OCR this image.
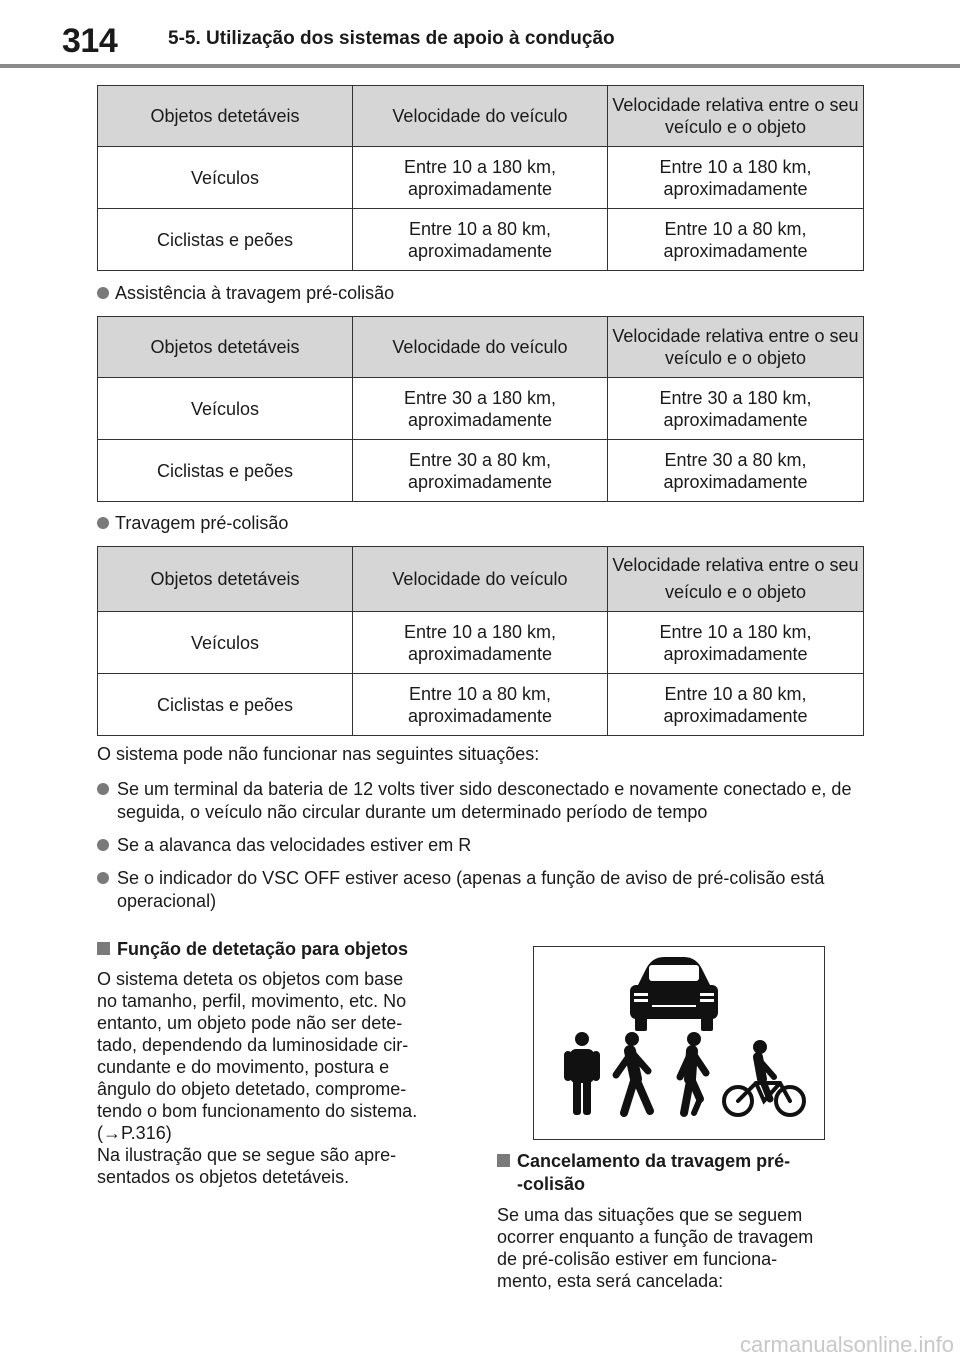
314	5-5. Utilização dos sistemas de apoio à condução
Objetos detetáveis	Velocidade do veículo	Velocidade relativa entre o seu veículo e o objeto
Veículos	Entre 10 a 180 km, aproximadamente	Entre 10 a 180 km, aproximadamente
Ciclistas e peões	Entre 10 a 80 km, aproximadamente	Entre 10 a 80 km, aproximadamente
Assistência à travagem pré-colisão
Objetos detetáveis	Velocidade do veículo	Velocidade relativa entre o seu veículo e o objeto
Veículos	Entre 30 a 180 km, aproximadamente	Entre 30 a 180 km, aproximadamente
Ciclistas e peões	Entre 30 a 80 km, aproximadamente	Entre 30 a 80 km, aproximadamente
Travagem pré-colisão
Objetos detetáveis	Velocidade do veículo	Velocidade relativa entre o seu veículo e o objeto
Veículos	Entre 10 a 180 km, aproximadamente	Entre 10 a 180 km, aproximadamente
Ciclistas e peões	Entre 10 a 80 km, aproximadamente	Entre 10 a 80 km, aproximadamente
O sistema pode não funcionar nas seguintes situações:
Se um terminal da bateria de 12 volts tiver sido desconectado e novamente conectado e, de seguida, o veículo não circular durante um determinado período de tempo
Se a alavanca das velocidades estiver em R
Se o indicador do VSC OFF estiver aceso (apenas a função de aviso de pré-colisão está operacional)
Função de detetação para objetos
O sistema deteta os objetos com base
no tamanho, perfil, movimento, etc. No
entanto, um objeto pode não ser dete-
tado, dependendo da luminosidade cir-
cundante e do movimento, postura e
ângulo do objeto detetado, comprome-
tendo o bom funcionamento do sistema.
(→P.316)
Na ilustração que se segue são apre-
sentados os objetos detetáveis.
Cancelamento da travagem pré-
-colisão
Se uma das situações que se seguem
ocorrer enquanto a função de travagem
de pré-colisão estiver em funciona-
mento, esta será cancelada:
carmanualsonline.info
